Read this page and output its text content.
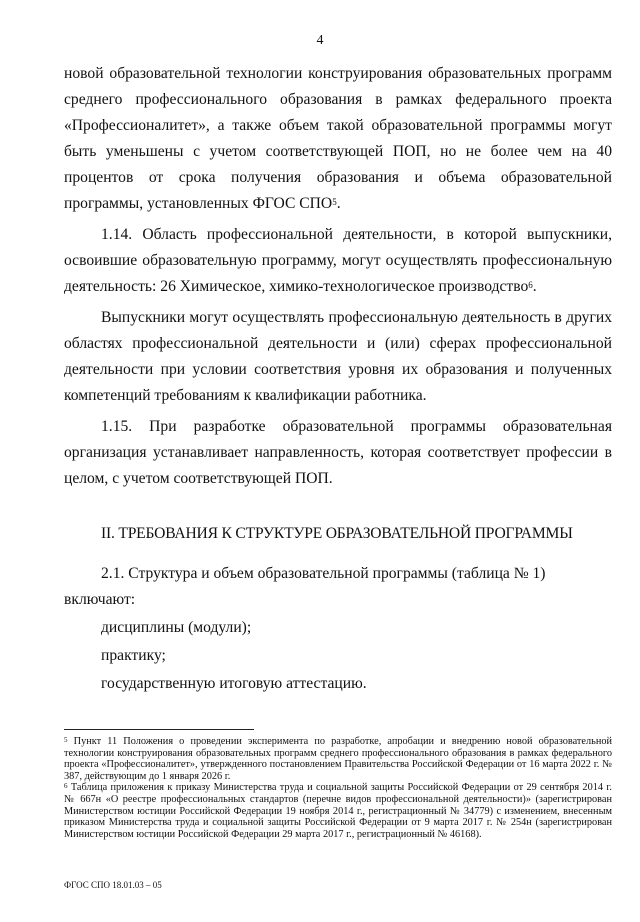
4

новой образовательной технологии конструирования образовательных программ среднего профессионального образования в рамках федерального проекта «Профессионалитет», а также объем такой образовательной программы могут быть уменьшены с учетом соответствующей ПОП, но не более чем на 40 процентов от срока получения образования и объема образовательной программы, установленных ФГОС СПО$^5$.

1.14. Область профессиональной деятельности, в которой выпускники, освоившие образовательную программу, могут осуществлять профессиональную деятельность: 26 Химическое, химико-технологическое производство$^6$.

Выпускники могут осуществлять профессиональную деятельность в других областях профессиональной деятельности и (или) сферах профессиональной деятельности при условии соответствия уровня их образования и полученных компетенций требованиям к квалификации работника.

1.15. При разработке образовательной программы образовательная организация устанавливает направленность, которая соответствует профессии в целом, с учетом соответствующей ПОП.

II. ТРЕБОВАНИЯ К СТРУКТУРЕ ОБРАЗОВАТЕЛЬНОЙ ПРОГРАММЫ

2.1. Структура и объем образовательной программы (таблица № 1) включают:

дисциплины (модули);

практику;

государственную итоговую аттестацию.

$^5$ Пункт 11 Положения о проведении эксперимента по разработке, апробации и внедрению новой образовательной технологии конструирования образовательных программ среднего профессионального образования в рамках федерального проекта «Профессионалитет», утвержденного постановлением Правительства Российской Федерации от 16 марта 2022 г. № 387, действующим до 1 января 2026 г.

$^6$ Таблица приложения к приказу Министерства труда и социальной защиты Российской Федерации от 29 сентября 2014 г. № 667н «О реестре профессиональных стандартов (перечне видов профессиональной деятельности)» (зарегистрирован Министерством юстиции Российской Федерации 19 ноября 2014 г., регистрационный № 34779) с изменением, внесенным приказом Министерства труда и социальной защиты Российской Федерации от 9 марта 2017 г. № 254н (зарегистрирован Министерством юстиции Российской Федерации 29 марта 2017 г., регистрационный № 46168).

ФГОС СПО 18.01.03 – 05
